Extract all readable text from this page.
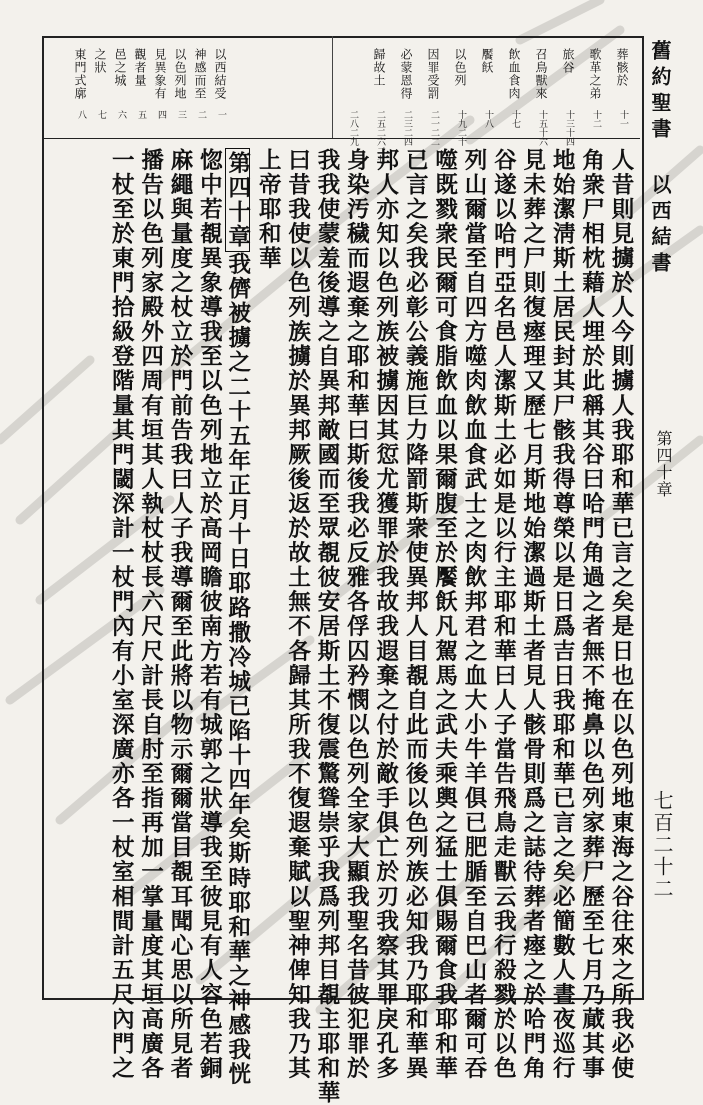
舊約聖書 以西結書
第四十章
七百二十二
葬骸於
十一
歌革之弟
十二
旅谷
十三十四
召鳥獸來
十五十六
飲血食肉
十七
饜飫
十八
以色列
十九二十
因罪受罰
二一二二
必蒙恩得
二三二四
歸故土
二五二六二七
二八二九
以西結受
一
神感而至
二
以色列地
三
見異象有
四
觀者量
五
邑之城
六
之狀
七
東門式廓
八
人昔則見擄於人今則擄人我耶和華已言之矣是日也在以色列地東海之谷往來之所我必使
角衆尸相枕藉人埋於此稱其谷曰哈門角過之者無不掩鼻以色列家葬尸歷至七月乃蕆其事
地始潔淸斯土居民封其尸骸我得尊榮以是日爲吉日我耶和華已言之矣必簡數人晝夜巡行
見未葬之尸則復瘞理又歷七月斯地始潔過斯土者見人骸骨則爲之誌待葬者瘞之於哈門角
谷遂以哈門亞名邑人潔斯土必如是以行主耶和華曰人子當告飛鳥走獸云我行殺戮於以色
列山爾當至自四方噬肉飲血食武士之肉飲邦君之血大小牛羊俱已肥腯至自巴山者爾可吞
噬既戮衆民爾可食脂飲血以果爾腹至於饜飫凡駕馬之武夫乘輿之猛士俱賜爾食我耶和華
已言之矣我必彰公義施巨力降罰斯衆使異邦人目覩自此而後以色列族必知我乃耶和華異
邦人亦知以色列族被擄因其愆尤獲罪於我故我遐棄之付於敵手俱亡於刃我察其罪戾孔多
身染汚穢而遐棄之耶和華曰斯後我必反雅各俘囚矜憫以色列全家大顯我聖名昔彼犯罪於
我我使蒙羞後導之自異邦敵國而至眾覩彼安居斯土不復震驚聳崇乎我爲列邦目覩主耶和華
曰昔我使以色列族擄於異邦厥後返於故土無不各歸其所我不復遐棄賦以聖神俾知我乃其
上帝耶和華
第四十章我儕被擄之二十五年正月十日耶路撒冷城已陷十四年矣斯時耶和華之神感我恍
惚中若覩異象導我至以色列地立於高岡瞻彼南方若有城郭之狀導我至彼見有人容色若銅
麻繩與量度之杖立於門前告我曰人子我導爾至此將以物示爾爾當目覩耳聞心思以所見者
播告以色列家殿外四周有垣其人執杖杖長六尺尺計長自肘至指再加一掌量度其垣高廣各
一杖至於東門拾級登階量其門閾深計一杖門內有小室深廣亦各一杖室相間計五尺內門之
